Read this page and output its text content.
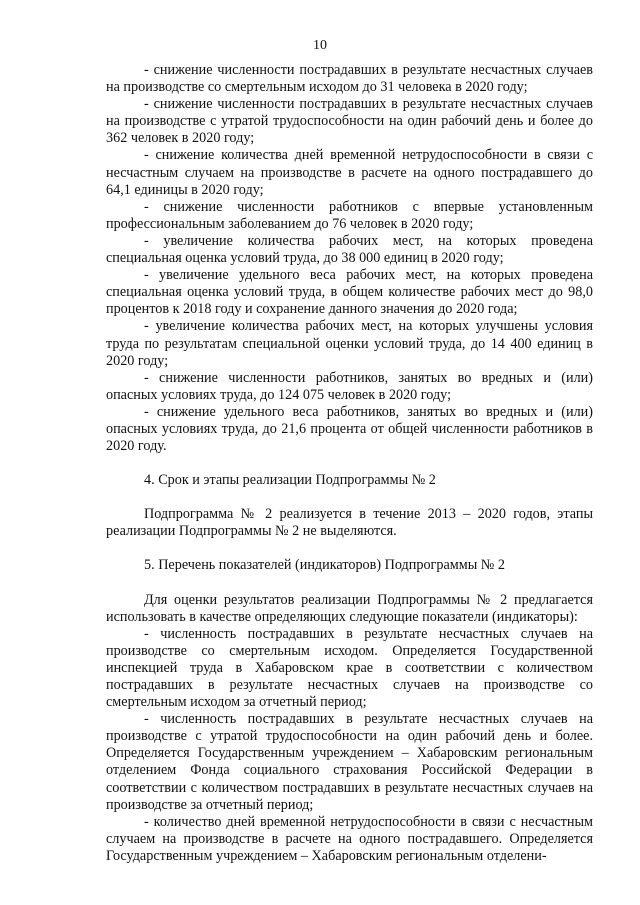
10

- снижение численности пострадавших в результате несчастных случаев на производстве со смертельным исходом до 31 человека в 2020 году;

- снижение численности пострадавших в результате несчастных случаев на производстве с утратой трудоспособности на один рабочий день и более до 362 человек в 2020 году;

- снижение количества дней временной нетрудоспособности в связи с несчастным случаем на производстве в расчете на одного пострадавшего до 64,1 единицы в 2020 году;

- снижение численности работников с впервые установленным профессиональным заболеванием до 76 человек в 2020 году;

- увеличение количества рабочих мест, на которых проведена специальная оценка условий труда, до 38 000 единиц в 2020 году;

- увеличение удельного веса рабочих мест, на которых проведена специальная оценка условий труда, в общем количестве рабочих мест до 98,0 процентов к 2018 году и сохранение данного значения до 2020 года;

- увеличение количества рабочих мест, на которых улучшены условия труда по результатам специальной оценки условий труда, до 14 400 единиц в 2020 году;

- снижение численности работников, занятых во вредных и (или) опасных условиях труда, до 124 075 человек в 2020 году;

- снижение удельного веса работников, занятых во вредных и (или) опасных условиях труда, до 21,6 процента от общей численности работников в 2020 году.

4. Срок и этапы реализации Подпрограммы № 2

Подпрограмма № 2 реализуется в течение 2013 – 2020 годов, этапы реализации Подпрограммы № 2 не выделяются.

5. Перечень показателей (индикаторов) Подпрограммы № 2

Для оценки результатов реализации Подпрограммы № 2 предлагается использовать в качестве определяющих следующие показатели (индикаторы):

- численность пострадавших в результате несчастных случаев на производстве со смертельным исходом. Определяется Государственной инспекцией труда в Хабаровском крае в соответствии с количеством пострадавших в результате несчастных случаев на производстве со смертельным исходом за отчетный период;

- численность пострадавших в результате несчастных случаев на производстве с утратой трудоспособности на один рабочий день и более. Определяется Государственным учреждением – Хабаровским региональным отделением Фонда социального страхования Российской Федерации в соответствии с количеством пострадавших в результате несчастных случаев на производстве за отчетный период;

- количество дней временной нетрудоспособности в связи с несчастным случаем на производстве в расчете на одного пострадавшего. Определяется Государственным учреждением – Хабаровским региональным отделени-
